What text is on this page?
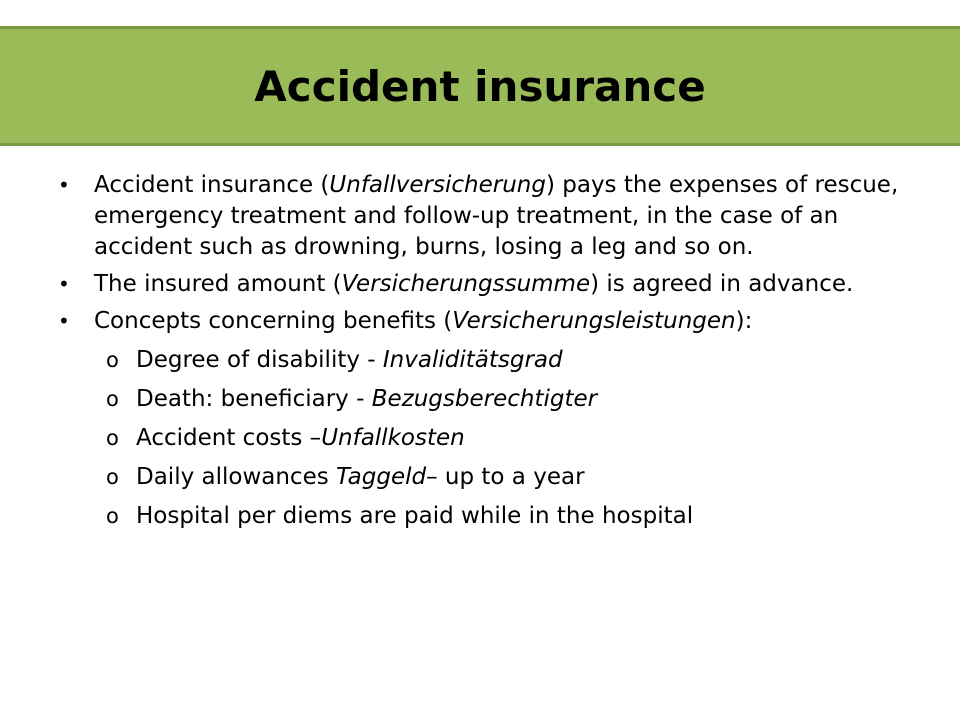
Accident insurance
•	Accident insurance (Unfallversicherung) pays the expenses of rescue, emergency treatment and follow-up treatment, in the case of an accident such as drowning, burns, losing a leg and so on.
•	The insured amount (Versicherungssumme) is agreed in advance.
•	Concepts concerning benefits (Versicherungsleistungen):
o Degree of disability - Invaliditätsgrad
o Death: beneficiary - Bezugsberechtigter
o Accident costs –Unfallkosten
o Daily allowances Taggeld– up to a year
o Hospital per diems are paid while in the hospital
